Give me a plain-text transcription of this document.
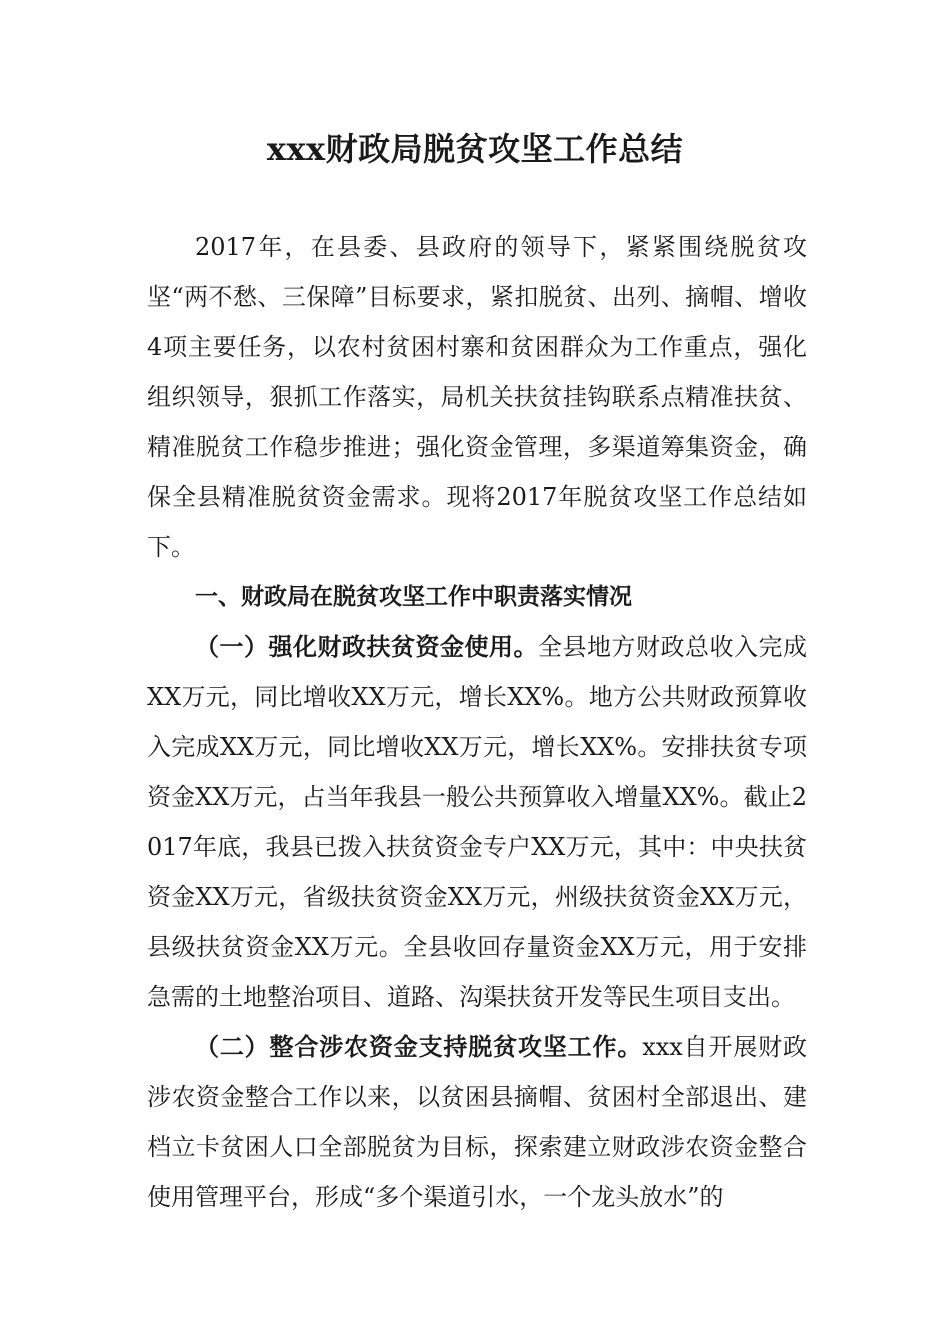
xxx财政局脱贫攻坚工作总结

2017年，在县委、县政府的领导下，紧紧围绕脱贫攻坚“两不愁、三保障”目标要求，紧扣脱贫、出列、摘帽、增收4项主要任务，以农村贫困村寨和贫困群众为工作重点，强化组织领导，狠抓工作落实，局机关扶贫挂钩联系点精准扶贫、精准脱贫工作稳步推进；强化资金管理，多渠道筹集资金，确保全县精准脱贫资金需求。现将2017年脱贫攻坚工作总结如下。

一、财政局在脱贫攻坚工作中职责落实情况

（一）强化财政扶贫资金使用。全县地方财政总收入完成XX万元，同比增收XX万元，增长XX%。地方公共财政预算收入完成XX万元，同比增收XX万元，增长XX%。安排扶贫专项资金XX万元，占当年我县一般公共预算收入增量XX%。截止2017年底，我县已拨入扶贫资金专户XX万元，其中：中央扶贫资金XX万元，省级扶贫资金XX万元，州级扶贫资金XX万元，县级扶贫资金XX万元。全县收回存量资金XX万元，用于安排急需的土地整治项目、道路、沟渠扶贫开发等民生项目支出。

（二）整合涉农资金支持脱贫攻坚工作。xxx自开展财政涉农资金整合工作以来，以贫困县摘帽、贫困村全部退出、建档立卡贫困人口全部脱贫为目标，探索建立财政涉农资金整合使用管理平台，形成“多个渠道引水，一个龙头放水”的
